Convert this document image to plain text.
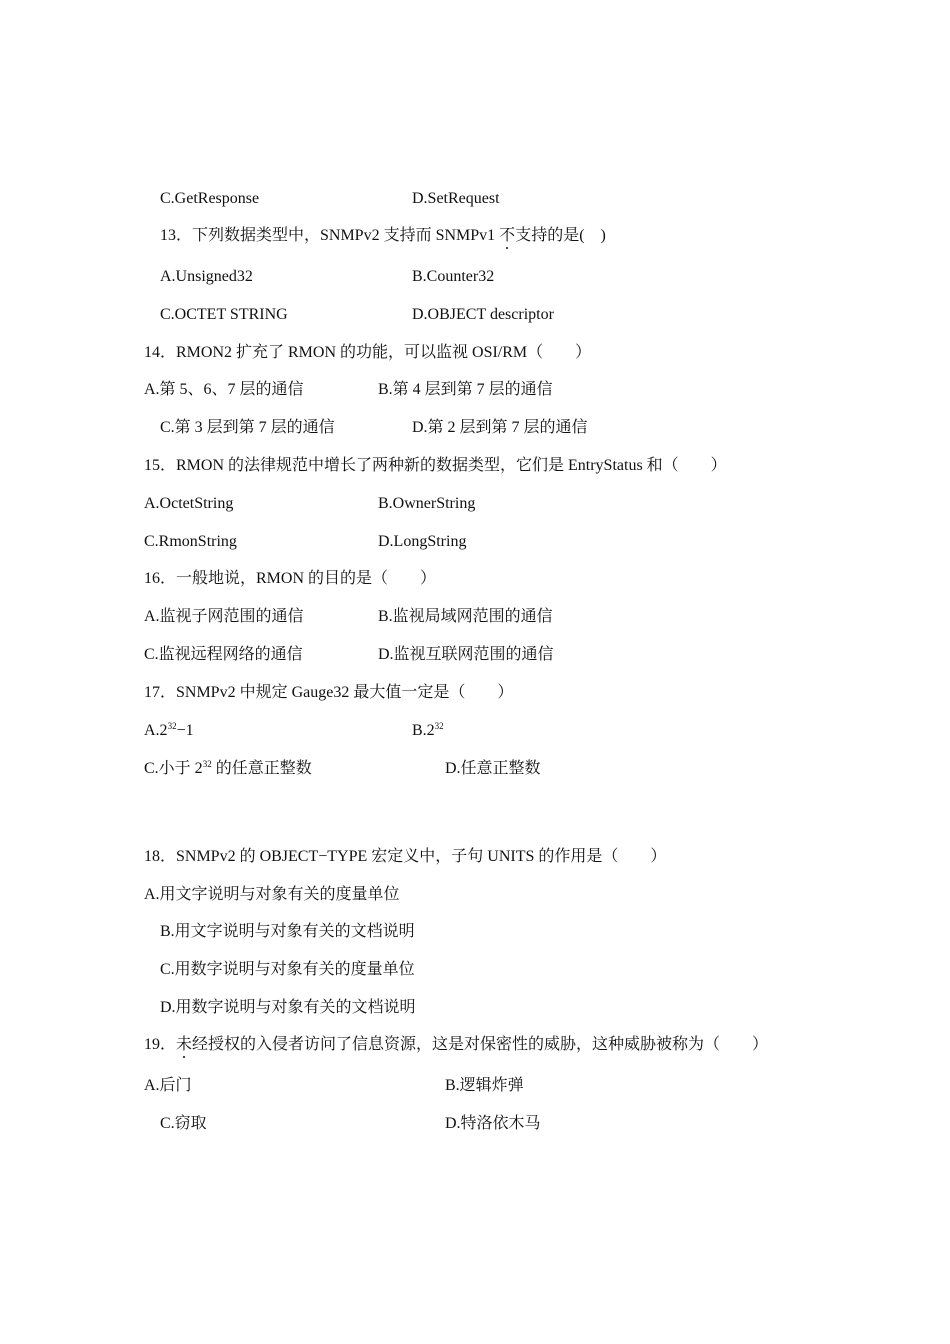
C.GetResponse	D.SetRequest
13．下列数据类型中，SNMPv2 支持而 SNMPv1 不支持的是(　)
A.Unsigned32	B.Counter32
C.OCTET STRING	D.OBJECT descriptor
14．RMON2 扩充了 RMON 的功能，可以监视 OSI/RM（　　）
A.第 5、6、7 层的通信	B.第 4 层到第 7 层的通信
C.第 3 层到第 7 层的通信	D.第 2 层到第 7 层的通信
15．RMON 的法律规范中增长了两种新的数据类型，它们是 EntryStatus 和（　　）
A.OctetString	B.OwnerString
C.RmonString	D.LongString
16．一般地说，RMON 的目的是（　　）
A.监视子网范围的通信	B.监视局域网范围的通信
C.监视远程网络的通信	D.监视互联网范围的通信
17．SNMPv2 中规定 Gauge32 最大值一定是（　　）
$A.2^{32}-1$	$B.2^{32}$
C.小于 $2^{32}$ 的任意正整数	D.任意正整数
18．SNMPv2 的 OBJECT−TYPE 宏定义中，子句 UNITS 的作用是（　　）
A.用文字说明与对象有关的度量单位
B.用文字说明与对象有关的文档说明
C.用数字说明与对象有关的度量单位
D.用数字说明与对象有关的文档说明
19．未经授权的入侵者访问了信息资源，这是对保密性的威胁，这种威胁被称为（　　）
A.后门	B.逻辑炸弹
C.窃取	D.特洛依木马
